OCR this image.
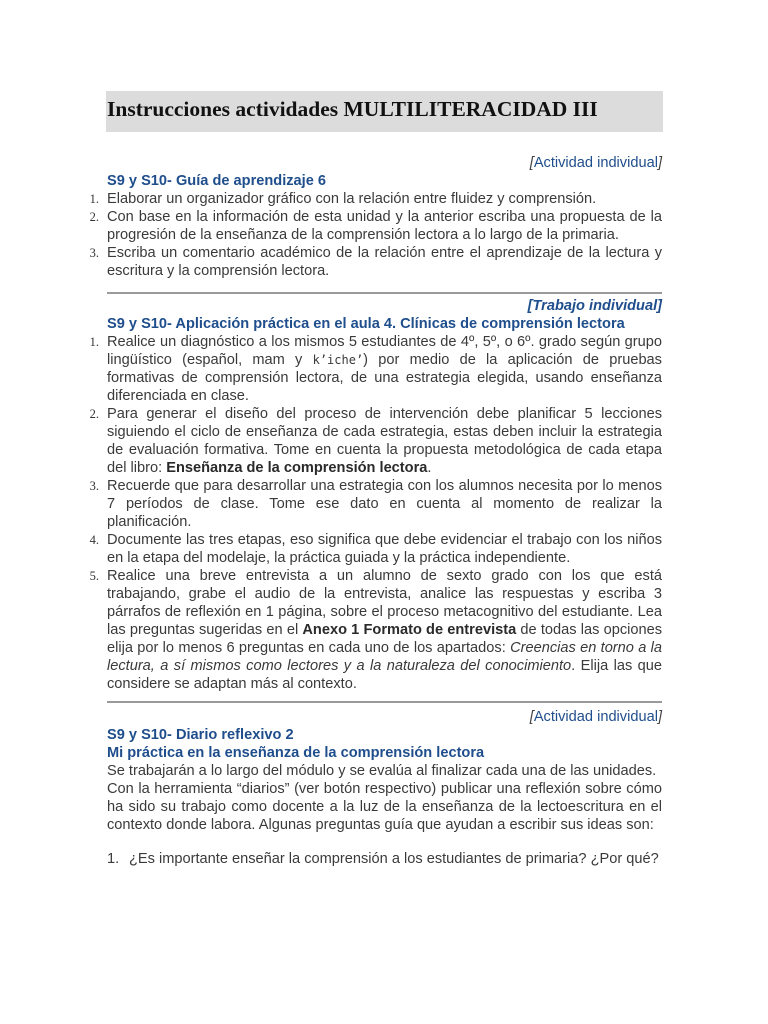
Instrucciones actividades MULTILITERACIDAD III
[Actividad individual]
S9 y S10- Guía de aprendizaje 6
1. Elaborar un organizador gráfico con la relación entre fluidez y comprensión.
2. Con base en la información de esta unidad y la anterior escriba una propuesta de la progresión de la enseñanza de la comprensión lectora a lo largo de la primaria.
3. Escriba un comentario académico de la relación entre el aprendizaje de la lectura y escritura y la comprensión lectora.
[Trabajo individual]
S9 y S10- Aplicación práctica en el aula 4. Clínicas de comprensión lectora
1. Realice un diagnóstico a los mismos 5 estudiantes de 4º, 5º, o 6º. grado según grupo lingüístico (español, mam y k’iche’) por medio de la aplicación de pruebas formativas de comprensión lectora, de una estrategia elegida, usando enseñanza diferenciada en clase.
2. Para generar el diseño del proceso de intervención debe planificar 5 lecciones siguiendo el ciclo de enseñanza de cada estrategia, estas deben incluir la estrategia de evaluación formativa. Tome en cuenta la propuesta metodológica de cada etapa del libro: Enseñanza de la comprensión lectora.
3. Recuerde que para desarrollar una estrategia con los alumnos necesita por lo menos 7 períodos de clase. Tome ese dato en cuenta al momento de realizar la planificación.
4. Documente las tres etapas, eso significa que debe evidenciar el trabajo con los niños en la etapa del modelaje, la práctica guiada y la práctica independiente.
5. Realice una breve entrevista a un alumno de sexto grado con los que está trabajando, grabe el audio de la entrevista, analice las respuestas y escriba 3 párrafos de reflexión en 1 página, sobre el proceso metacognitivo del estudiante. Lea las preguntas sugeridas en el Anexo 1 Formato de entrevista de todas las opciones elija por lo menos 6 preguntas en cada uno de los apartados: Creencias en torno a la lectura, a sí mismos como lectores y a la naturaleza del conocimiento. Elija las que considere se adaptan más al contexto.
[Actividad individual]
S9 y S10- Diario reflexivo 2
Mi práctica en la enseñanza de la comprensión lectora
Se trabajarán a lo largo del módulo y se evalúa al finalizar cada una de las unidades.
Con la herramienta “diarios” (ver botón respectivo) publicar una reflexión sobre cómo ha sido su trabajo como docente a la luz de la enseñanza de la lectoescritura en el contexto donde labora. Algunas preguntas guía que ayudan a escribir sus ideas son:
1. ¿Es importante enseñar la comprensión a los estudiantes de primaria? ¿Por qué?
